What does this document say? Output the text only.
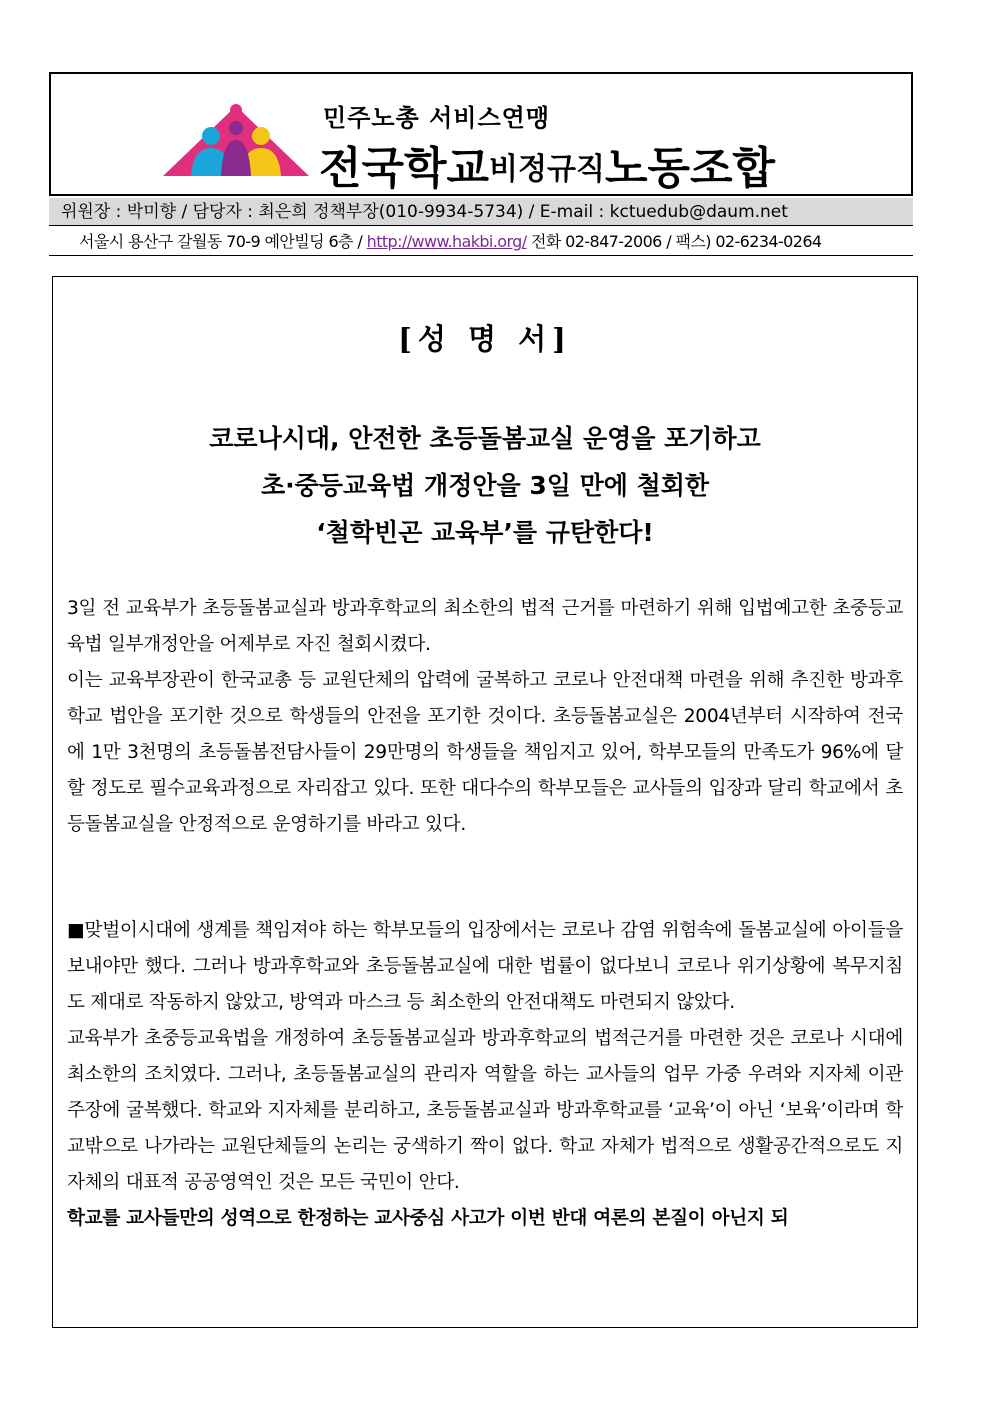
민주노총 서비스연맹
전국학교비정규직노동조합
위원장 : 박미향 / 담당자 : 최은희 정책부장(010-9934-5734) / E-mail : kctuedub@daum.net
서울시 용산구 갈월동 70-9 예안빌딩 6층 / http://www.hakbi.org/ 전화 02-847-2006 / 팩스) 02-6234-0264
[성 명 서]
코로나시대, 안전한 초등돌봄교실 운영을 포기하고
초·중등교육법 개정안을 3일 만에 철회한
‘철학빈곤 교육부’를 규탄한다!

3일 전 교육부가 초등돌봄교실과 방과후학교의 최소한의 법적 근거를 마련하기 위해 입법예고한 초중등교육법 일부개정안을 어제부로 자진 철회시켰다.

이는 교육부장관이 한국교총 등 교원단체의 압력에 굴복하고 코로나 안전대책 마련을 위해 추진한 방과후학교 법안을 포기한 것으로 학생들의 안전을 포기한 것이다. 초등돌봄교실은 2004년부터 시작하여 전국에 1만 3천명의 초등돌봄전담사들이 29만명의 학생들을 책임지고 있어, 학부모들의 만족도가 96%에 달할 정도로 필수교육과정으로 자리잡고 있다. 또한 대다수의 학부모들은 교사들의 입장과 달리 학교에서 초등돌봄교실을 안정적으로 운영하기를 바라고 있다.

■맞벌이시대에 생계를 책임져야 하는 학부모들의 입장에서는 코로나 감염 위험속에 돌봄교실에 아이들을 보내야만 했다. 그러나 방과후학교와 초등돌봄교실에 대한 법률이 없다보니 코로나 위기상황에 복무지침도 제대로 작동하지 않았고, 방역과 마스크 등 최소한의 안전대책도 마련되지 않았다.

교육부가 초중등교육법을 개정하여 초등돌봄교실과 방과후학교의 법적근거를 마련한 것은 코로나 시대에 최소한의 조치였다. 그러나, 초등돌봄교실의 관리자 역할을 하는 교사들의 업무 가중 우려와 지자체 이관 주장에 굴복했다. 학교와 지자체를 분리하고, 초등돌봄교실과 방과후학교를 ‘교육’이 아닌 ‘보육’이라며 학교밖으로 나가라는 교원단체들의 논리는 궁색하기 짝이 없다. 학교 자체가 법적으로 생활공간적으로도 지자체의 대표적 공공영역인 것은 모든 국민이 안다.

학교를 교사들만의 성역으로 한정하는 교사중심 사고가 이번 반대 여론의 본질이 아닌지 되
